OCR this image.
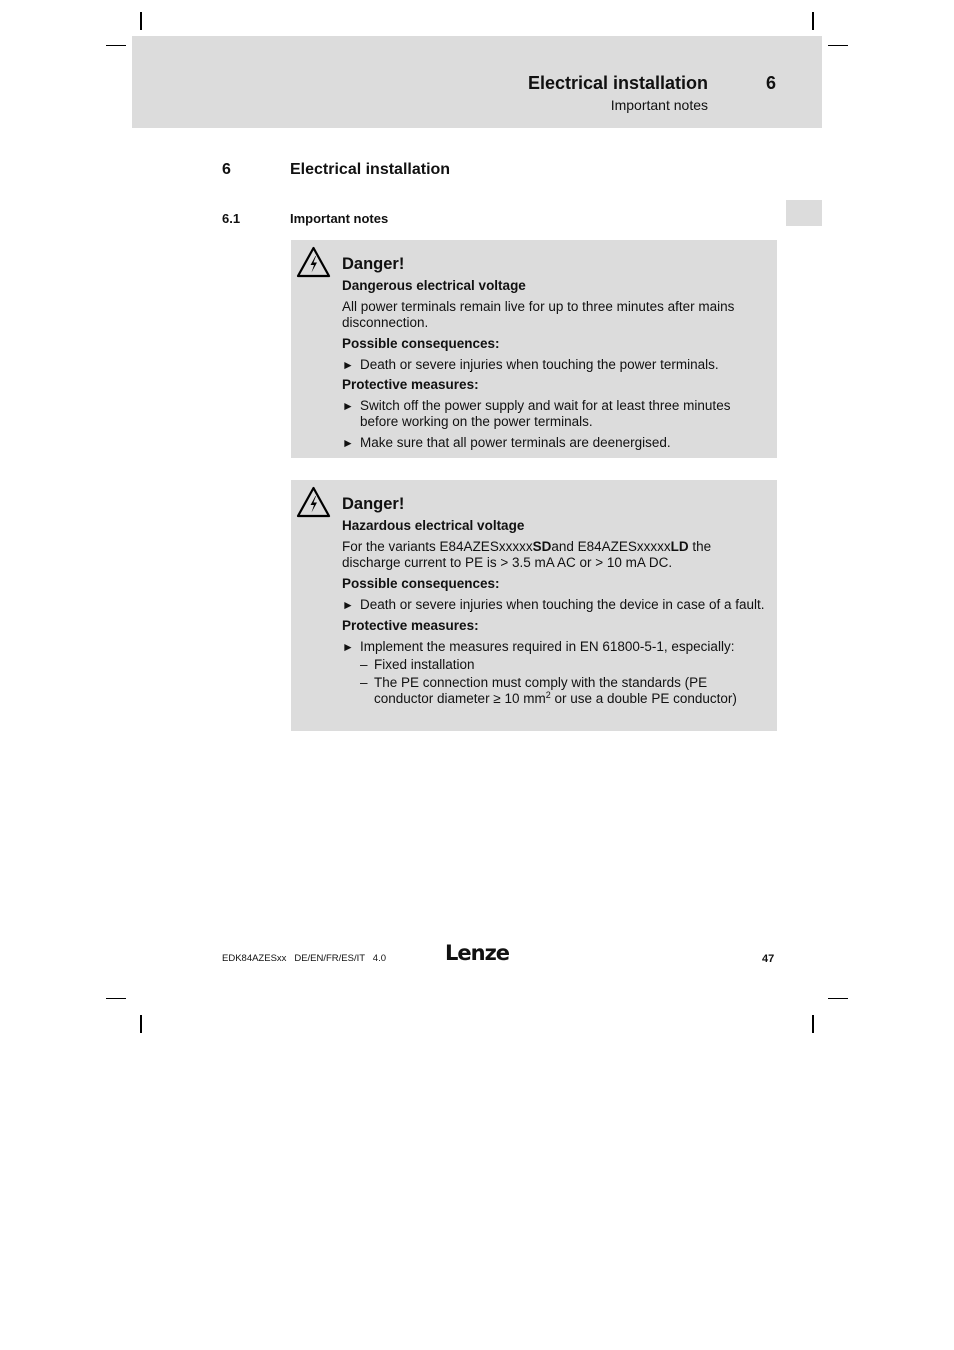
Electrical installation
Important notes
6
6	Electrical installation
6.1	Important notes
Danger!
Dangerous electrical voltage
All power terminals remain live for up to three minutes after mains disconnection.
Possible consequences:
► Death or severe injuries when touching the power terminals.
Protective measures:
► Switch off the power supply and wait for at least three minutes before working on the power terminals.
► Make sure that all power terminals are deenergised.
Danger!
Hazardous electrical voltage
For the variants E84AZESxxxxxSDand E84AZESxxxxxLD the discharge current to PE is > 3.5 mA AC or > 10 mA DC.
Possible consequences:
► Death or severe injuries when touching the device in case of a fault.
Protective measures:
► Implement the measures required in EN 61800-5-1, especially:
– Fixed installation
– The PE connection must comply with the standards (PE conductor diameter ≥ 10 $mm^2$ or use a double PE conductor)
EDK84AZESxx   DE/EN/FR/ES/IT   4.0	Lenze	47
